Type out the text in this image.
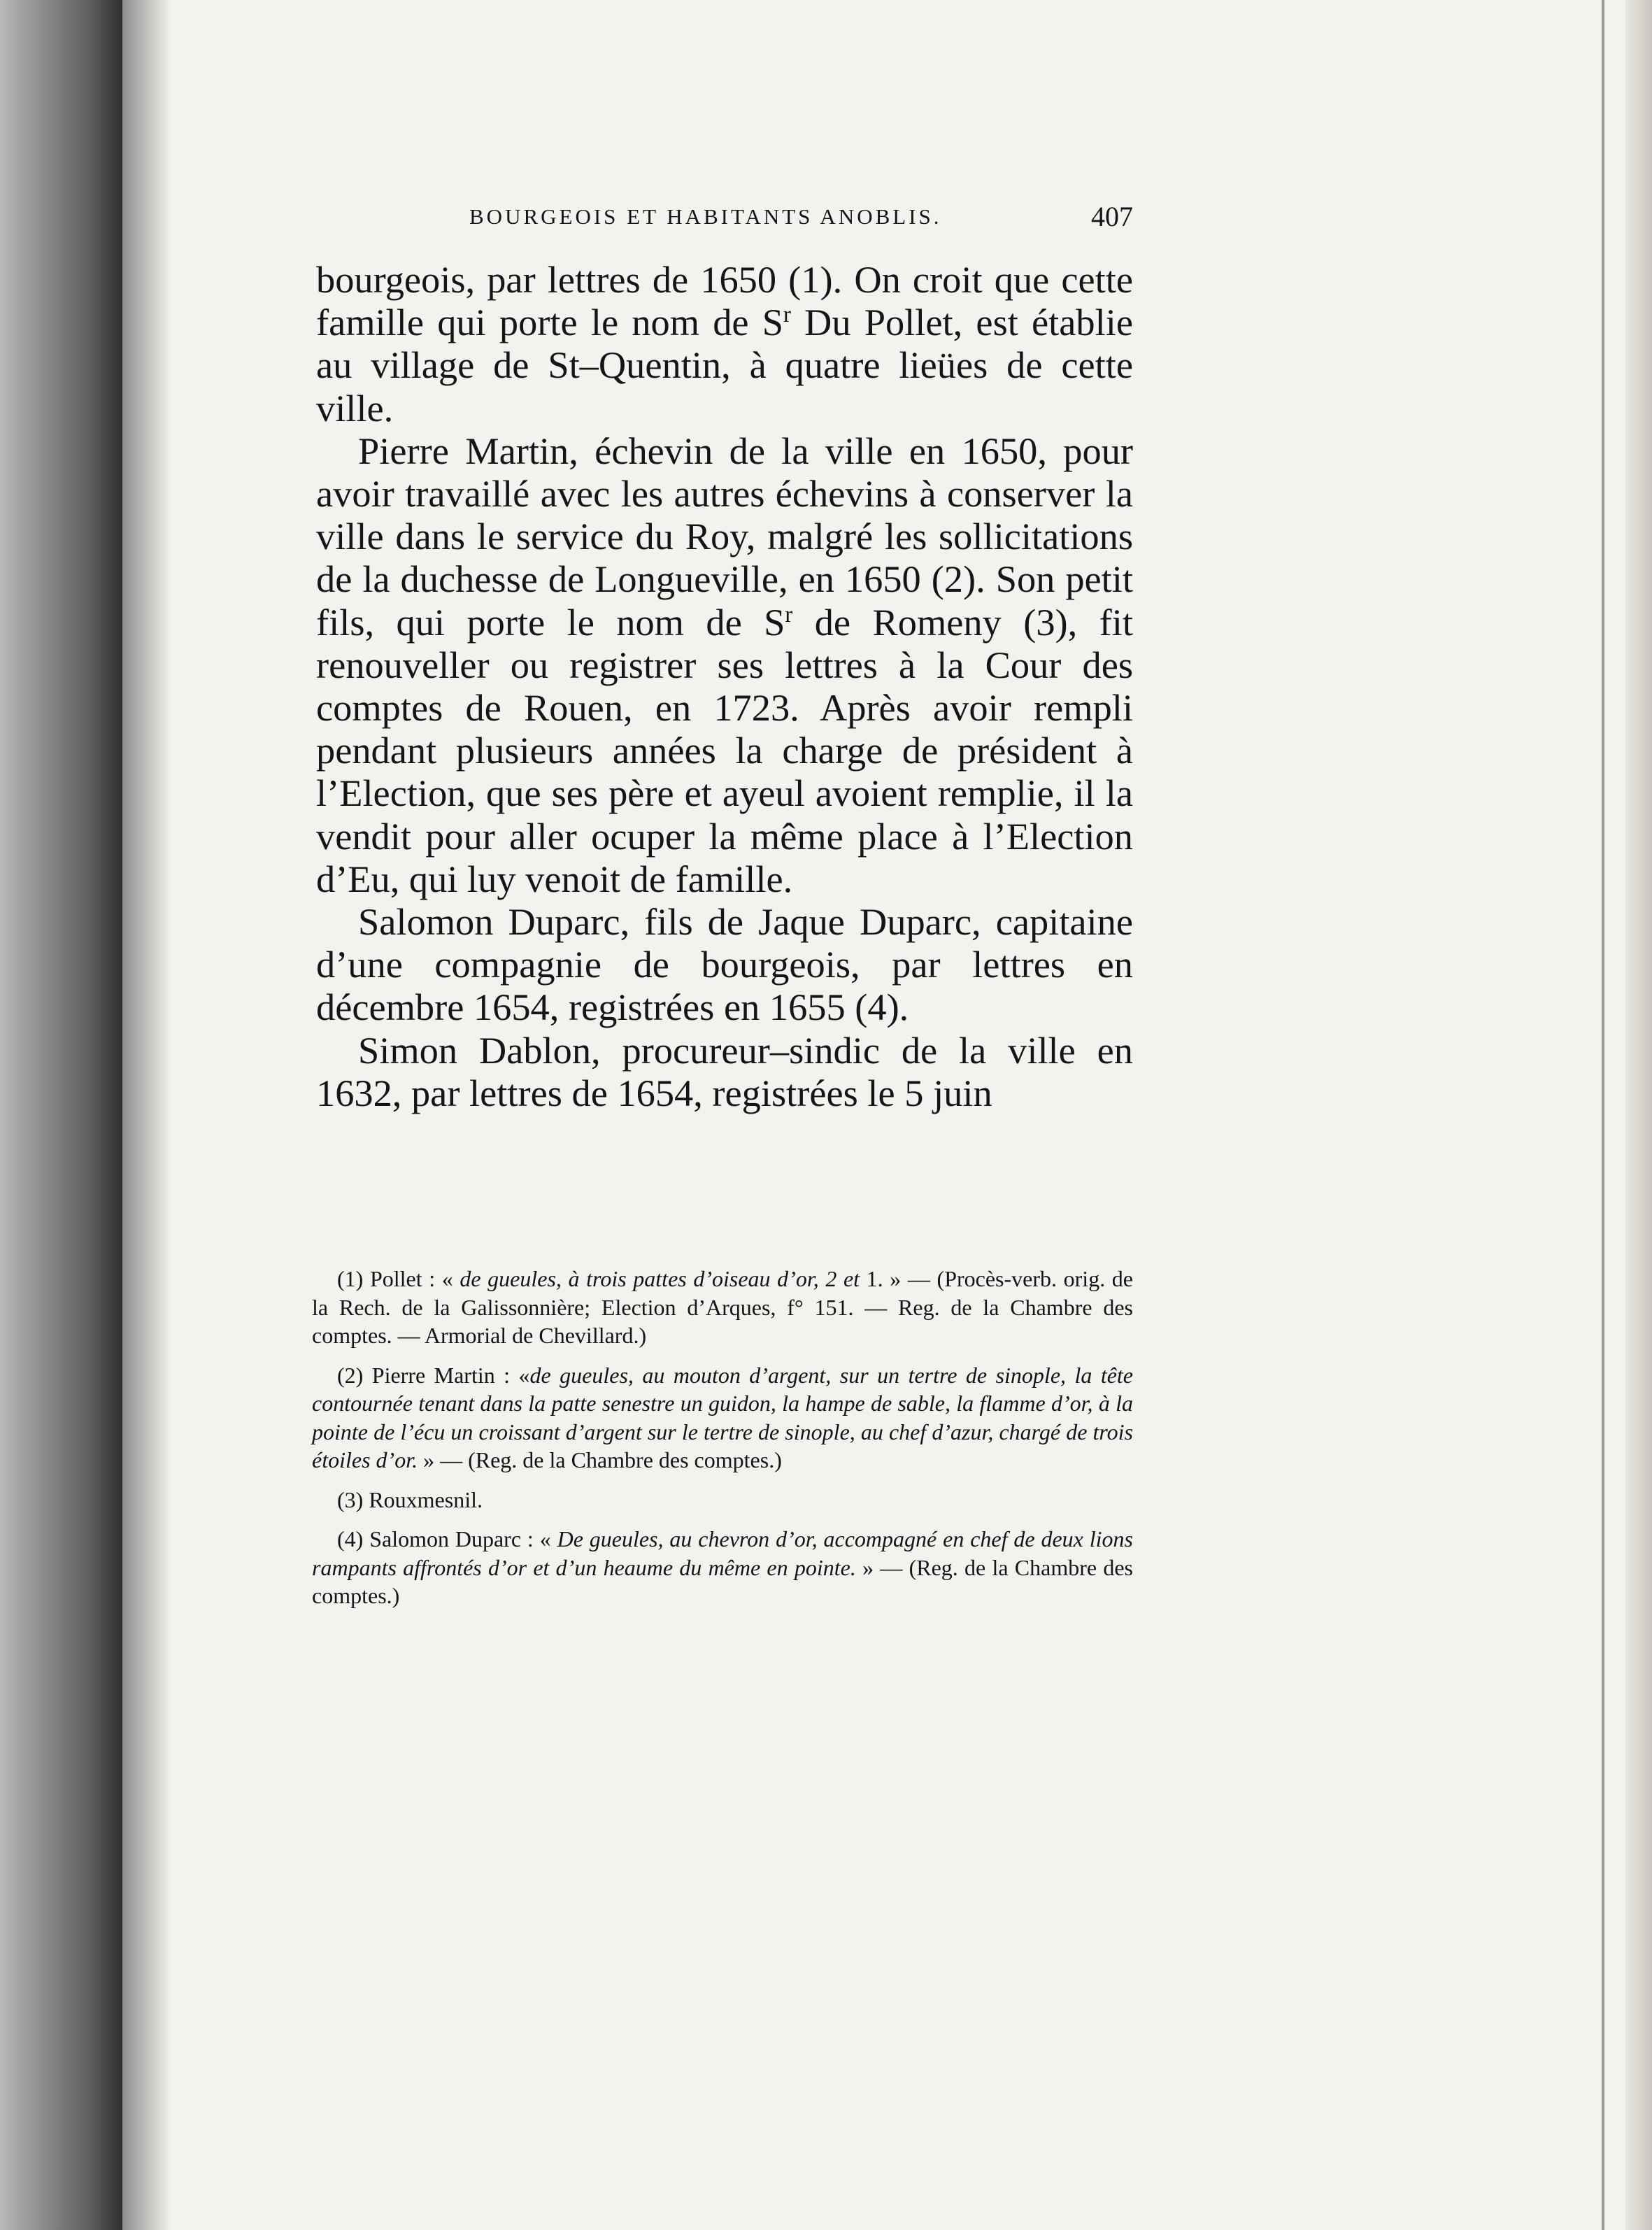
BOURGEOIS ET HABITANTS ANOBLIS.	407

bourgeois, par lettres de 1650 (1). On croit que cette famille qui porte le nom de $S^r$ Du Pollet, est établie au village de St–Quentin, à quatre lieües de cette ville.

Pierre Martin, échevin de la ville en 1650, pour avoir travaillé avec les autres échevins à conserver la ville dans le service du Roy, malgré les sollicitations de la duchesse de Longueville, en 1650 (2). Son petit fils, qui porte le nom de $S^r$ de Romeny (3), fit renouveller ou registrer ses lettres à la Cour des comptes de Rouen, en 1723. Après avoir rempli pendant plusieurs années la charge de président à l’Election, que ses père et ayeul avoient remplie, il la vendit pour aller ocuper la même place à l’Election d’Eu, qui luy venoit de famille.

Salomon Duparc, fils de Jaque Duparc, capitaine d’une compagnie de bourgeois, par lettres en décembre 1654, registrées en 1655 (4).

Simon Dablon, procureur–sindic de la ville en 1632, par lettres de 1654, registrées le 5 juin

(1) Pollet : « de gueules, à trois pattes d’oiseau d’or, 2 et 1. » — (Procès-verb. orig. de la Rech. de la Galissonnière; Election d’Arques, f° 151. — Reg. de la Chambre des comptes. — Armorial de Chevillard.)

(2) Pierre Martin : «de gueules, au mouton d’argent, sur un tertre de sinople, la tête contournée tenant dans la patte senestre un guidon, la hampe de sable, la flamme d’or, à la pointe de l’écu un croissant d’argent sur le tertre de sinople, au chef d’azur, chargé de trois étoiles d’or. » — (Reg. de la Chambre des comptes.)

(3) Rouxmesnil.

(4) Salomon Duparc : « De gueules, au chevron d’or, accompagné en chef de deux lions rampants affrontés d’or et d’un heaume du même en pointe. » — (Reg. de la Chambre des comptes.)
